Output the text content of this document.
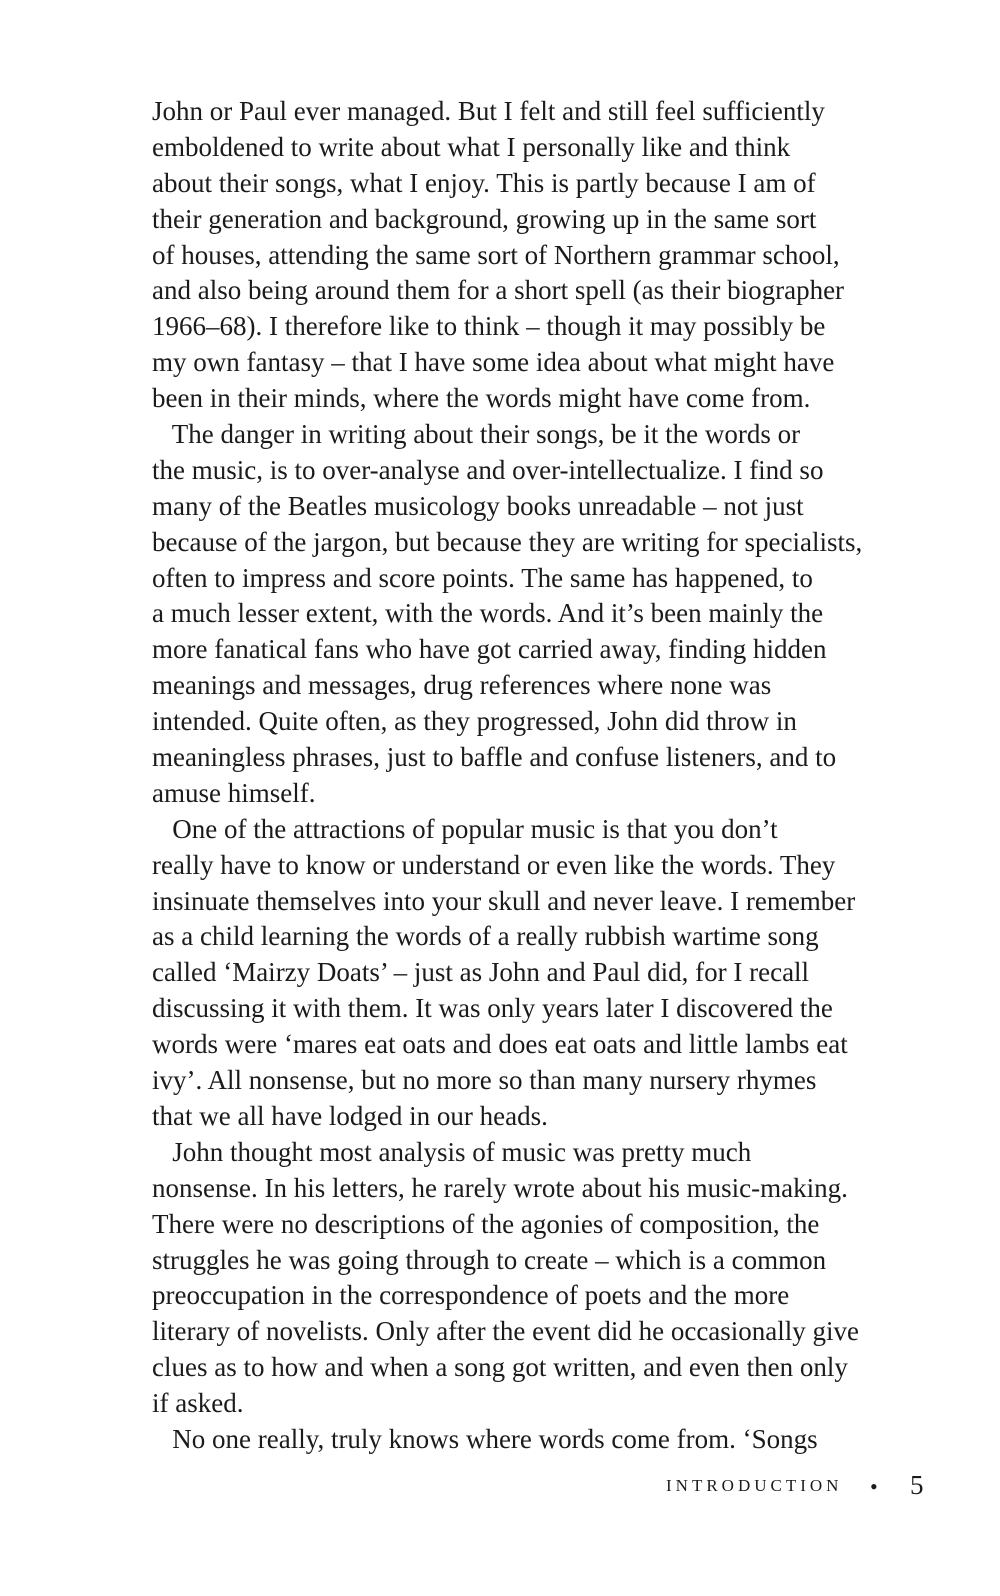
John or Paul ever managed. But I felt and still feel sufficiently
emboldened to write about what I personally like and think
about their songs, what I enjoy. This is partly because I am of
their generation and background, growing up in the same sort
of houses, attending the same sort of Northern grammar school,
and also being around them for a short spell (as their biographer
1966–68). I therefore like to think – though it may possibly be
my own fantasy – that I have some idea about what might have
been in their minds, where the words might have come from.
The danger in writing about their songs, be it the words or
the music, is to over-analyse and over-intellectualize. I find so
many of the Beatles musicology books unreadable – not just
because of the jargon, but because they are writing for specialists,
often to impress and score points. The same has happened, to
a much lesser extent, with the words. And it’s been mainly the
more fanatical fans who have got carried away, finding hidden
meanings and messages, drug references where none was
intended. Quite often, as they progressed, John did throw in
meaningless phrases, just to baffle and confuse listeners, and to
amuse himself.
One of the attractions of popular music is that you don’t
really have to know or understand or even like the words. They
insinuate themselves into your skull and never leave. I remember
as a child learning the words of a really rubbish wartime song
called ‘Mairzy Doats’ – just as John and Paul did, for I recall
discussing it with them. It was only years later I discovered the
words were ‘mares eat oats and does eat oats and little lambs eat
ivy’. All nonsense, but no more so than many nursery rhymes
that we all have lodged in our heads.
John thought most analysis of music was pretty much
nonsense. In his letters, he rarely wrote about his music-making.
There were no descriptions of the agonies of composition, the
struggles he was going through to create – which is a common
preoccupation in the correspondence of poets and the more
literary of novelists. Only after the event did he occasionally give
clues as to how and when a song got written, and even then only
if asked.
No one really, truly knows where words come from. ‘Songs
INTRODUCTION • 5
